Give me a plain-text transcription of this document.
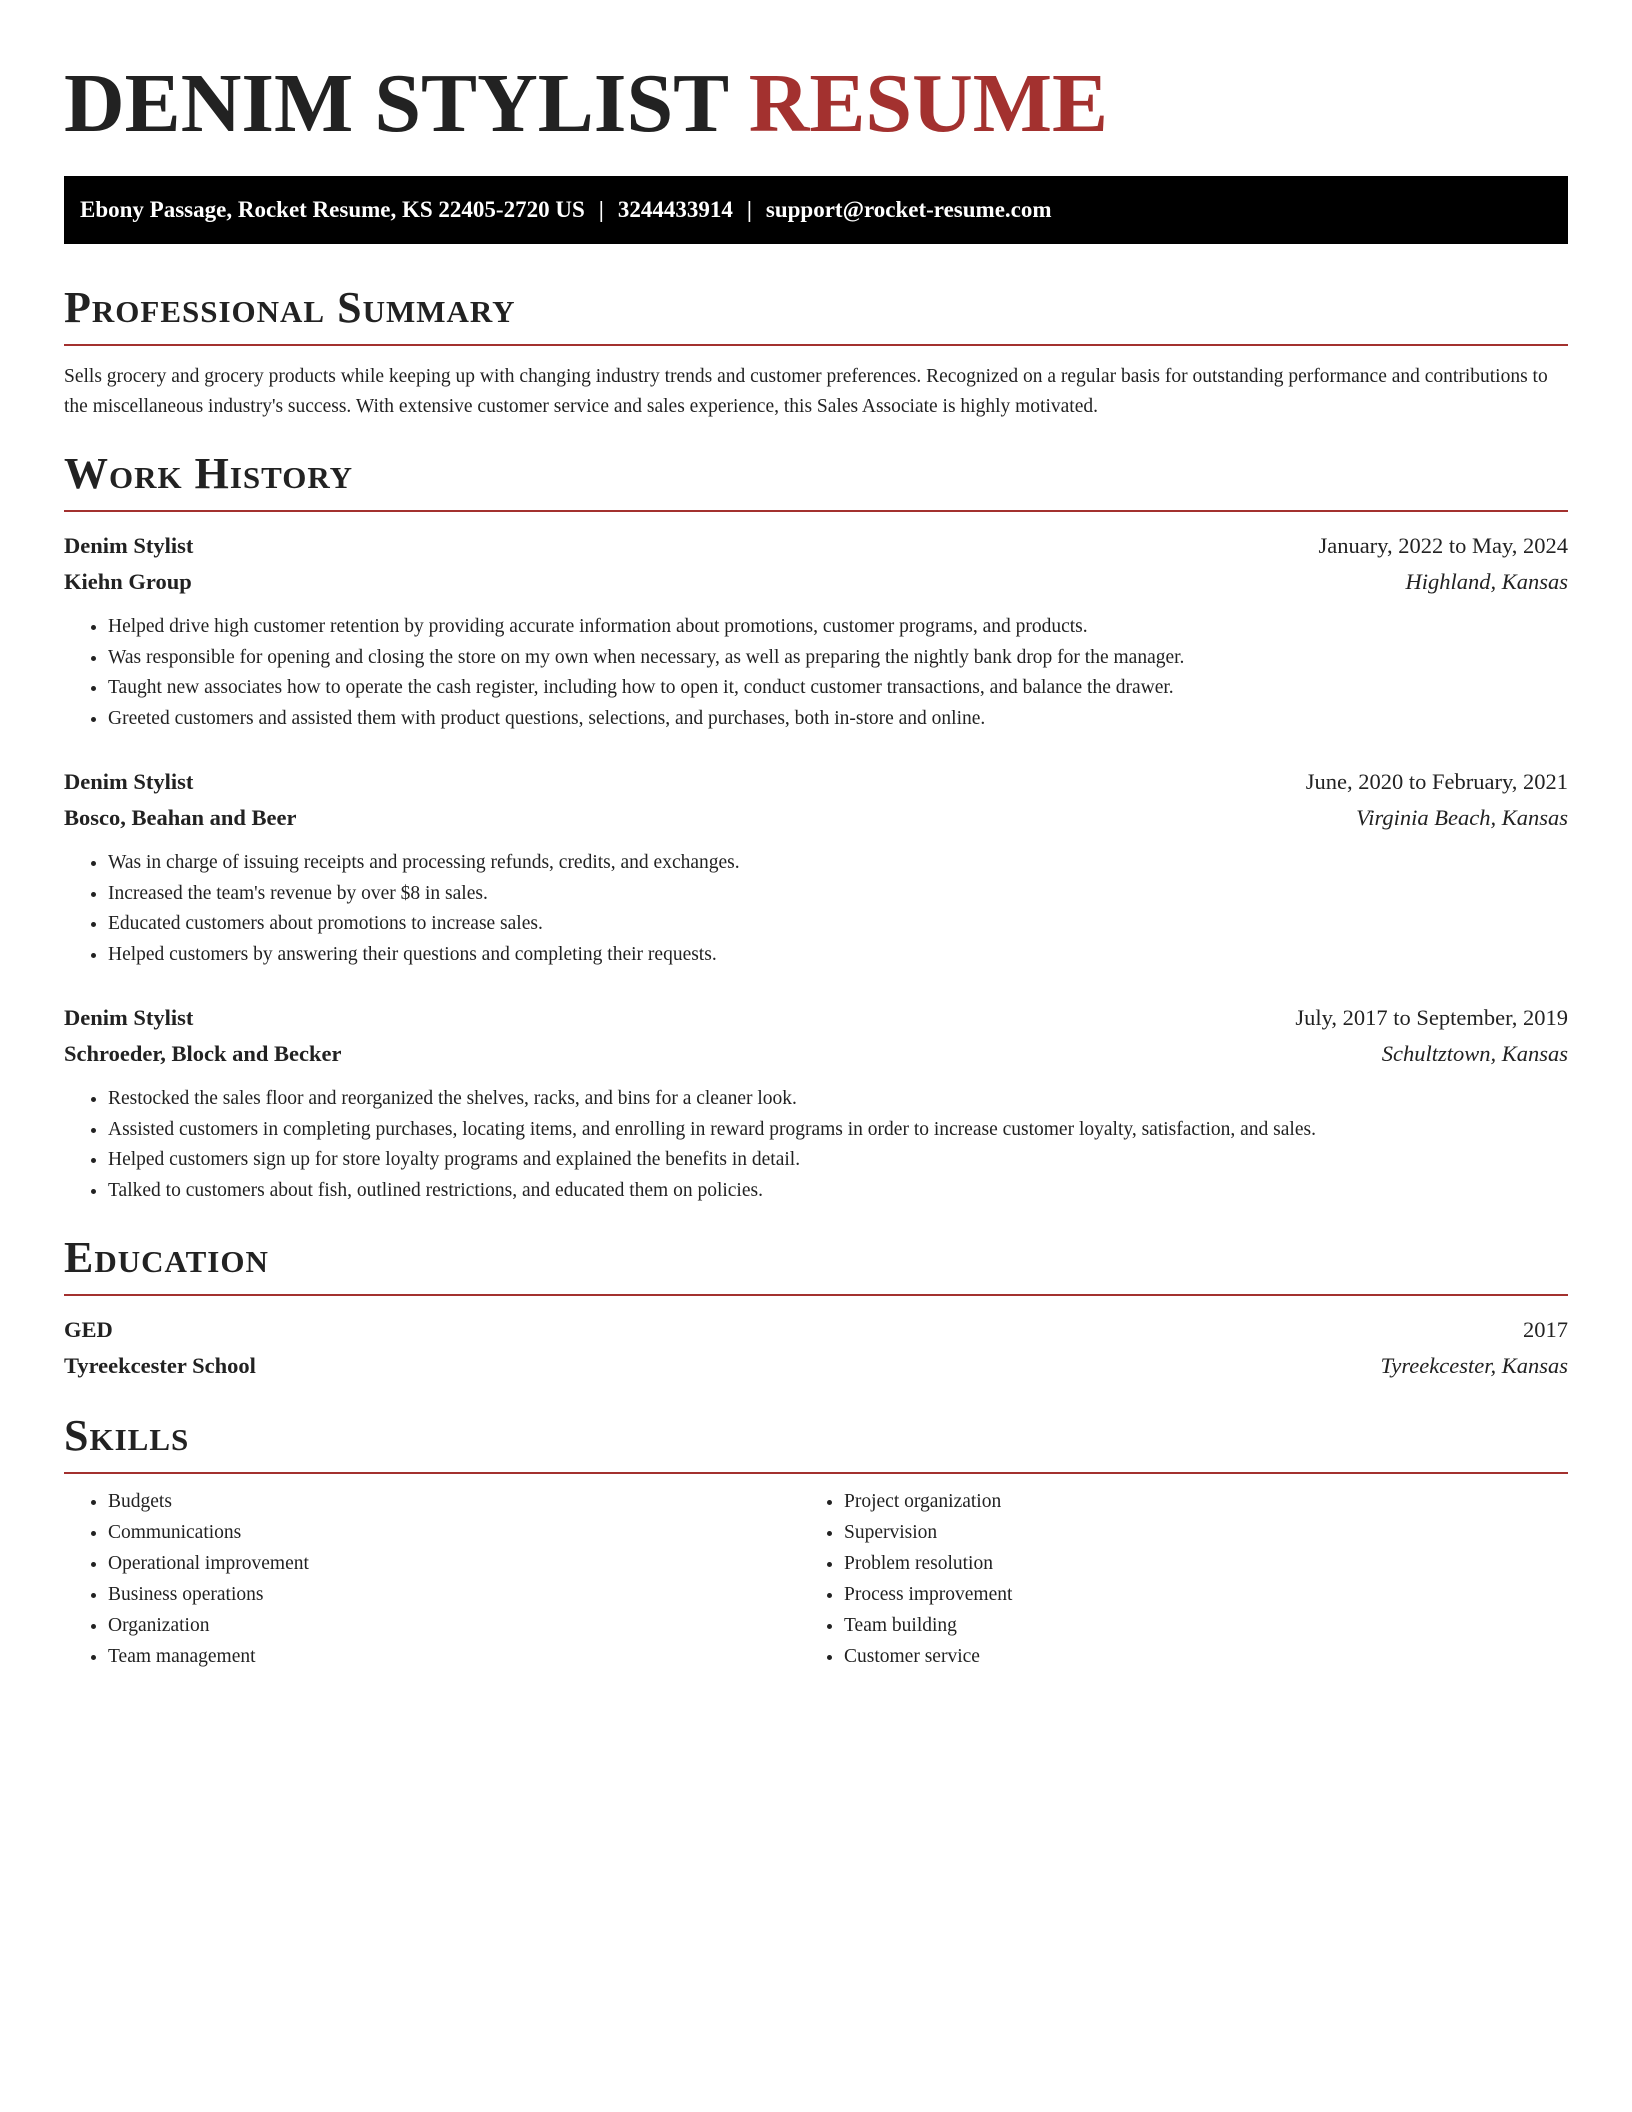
DENIM STYLIST RESUME
Ebony Passage, Rocket Resume, KS 22405-2720 US | 3244433914 | support@rocket-resume.com
Professional Summary

Sells grocery and grocery products while keeping up with changing industry trends and customer preferences. Recognized on a regular basis for outstanding performance and contributions to the miscellaneous industry's success. With extensive customer service and sales experience, this Sales Associate is highly motivated.

Work History
Denim Stylist	January, 2022 to May, 2024
Kiehn Group	Highland, Kansas
• Helped drive high customer retention by providing accurate information about promotions, customer programs, and products.
• Was responsible for opening and closing the store on my own when necessary, as well as preparing the nightly bank drop for the manager.
• Taught new associates how to operate the cash register, including how to open it, conduct customer transactions, and balance the drawer.
• Greeted customers and assisted them with product questions, selections, and purchases, both in-store and online.
Denim Stylist	June, 2020 to February, 2021
Bosco, Beahan and Beer	Virginia Beach, Kansas
• Was in charge of issuing receipts and processing refunds, credits, and exchanges.
• Increased the team's revenue by over $8 in sales.
• Educated customers about promotions to increase sales.
• Helped customers by answering their questions and completing their requests.
Denim Stylist	July, 2017 to September, 2019
Schroeder, Block and Becker	Schultztown, Kansas
• Restocked the sales floor and reorganized the shelves, racks, and bins for a cleaner look.
• Assisted customers in completing purchases, locating items, and enrolling in reward programs in order to increase customer loyalty, satisfaction, and sales.
• Helped customers sign up for store loyalty programs and explained the benefits in detail.
• Talked to customers about fish, outlined restrictions, and educated them on policies.
Education
GED	2017
Tyreekcester School	Tyreekcester, Kansas
Skills
• Budgets
• Communications
• Operational improvement
• Business operations
• Organization
• Team management
• Project organization
• Supervision
• Problem resolution
• Process improvement
• Team building
• Customer service
